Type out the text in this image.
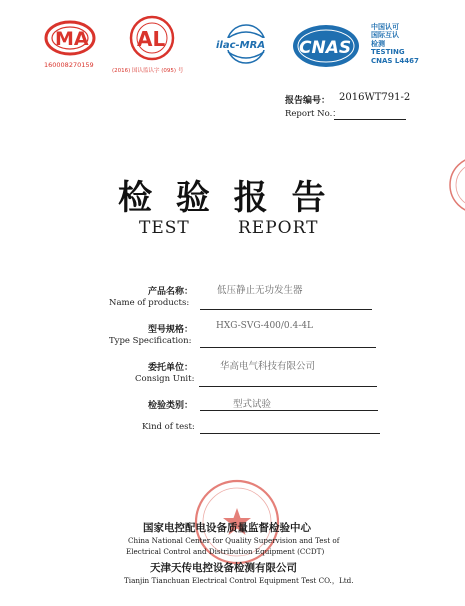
MA
160008270159
AL
(2016) 国认监认字 (095) 号
ilac-MRA CNAS
中国认可
国际互认
检测
TESTING
CNAS L4467
报告编号： 2016WT791-2
Report No.：
检 验 报 告
TEST	REPORT
产品名称：	低压静止无功发生器
Name of products:
型号规格：	HXG-SVG-400/0.4-4L
Type Specification:
委托单位：	华高电气科技有限公司
Consign Unit:
检验类别：	型式试验
Kind of test:
国家电控配电设备质量监督检验中心
China National Center for Quality Supervision and Test of
Electrical Control and Distribution Equipment (CCDT)
天津天传电控设备检测有限公司
Tianjin Tianchuan Electrical Control Equipment Test CO.，Ltd.
